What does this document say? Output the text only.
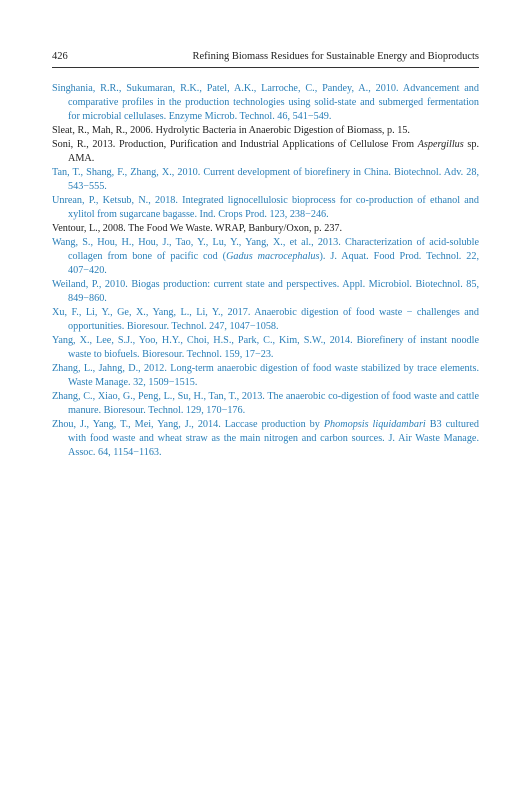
426	Refining Biomass Residues for Sustainable Energy and Bioproducts
Singhania, R.R., Sukumaran, R.K., Patel, A.K., Larroche, C., Pandey, A., 2010. Advancement and comparative profiles in the production technologies using solid-state and submerged fermentation for microbial cellulases. Enzyme Microb. Technol. 46, 541−549.
Sleat, R., Mah, R., 2006. Hydrolytic Bacteria in Anaerobic Digestion of Biomass, p. 15.
Soni, R., 2013. Production, Purification and Industrial Applications of Cellulose From Aspergillus sp. AMA.
Tan, T., Shang, F., Zhang, X., 2010. Current development of biorefinery in China. Biotechnol. Adv. 28, 543−555.
Unrean, P., Ketsub, N., 2018. Integrated lignocellulosic bioprocess for co-production of ethanol and xylitol from sugarcane bagasse. Ind. Crops Prod. 123, 238−246.
Ventour, L., 2008. The Food We Waste. WRAP, Banbury/Oxon, p. 237.
Wang, S., Hou, H., Hou, J., Tao, Y., Lu, Y., Yang, X., et al., 2013. Characterization of acid-soluble collagen from bone of pacific cod (Gadus macrocephalus). J. Aquat. Food Prod. Technol. 22, 407−420.
Weiland, P., 2010. Biogas production: current state and perspectives. Appl. Microbiol. Biotechnol. 85, 849−860.
Xu, F., Li, Y., Ge, X., Yang, L., Li, Y., 2017. Anaerobic digestion of food waste − challenges and opportunities. Bioresour. Technol. 247, 1047−1058.
Yang, X., Lee, S.J., Yoo, H.Y., Choi, H.S., Park, C., Kim, S.W., 2014. Biorefinery of instant noodle waste to biofuels. Bioresour. Technol. 159, 17−23.
Zhang, L., Jahng, D., 2012. Long-term anaerobic digestion of food waste stabilized by trace elements. Waste Manage. 32, 1509−1515.
Zhang, C., Xiao, G., Peng, L., Su, H., Tan, T., 2013. The anaerobic co-digestion of food waste and cattle manure. Bioresour. Technol. 129, 170−176.
Zhou, J., Yang, T., Mei, Yang, J., 2014. Laccase production by Phomopsis liquidambari B3 cultured with food waste and wheat straw as the main nitrogen and carbon sources. J. Air Waste Manage. Assoc. 64, 1154−1163.
